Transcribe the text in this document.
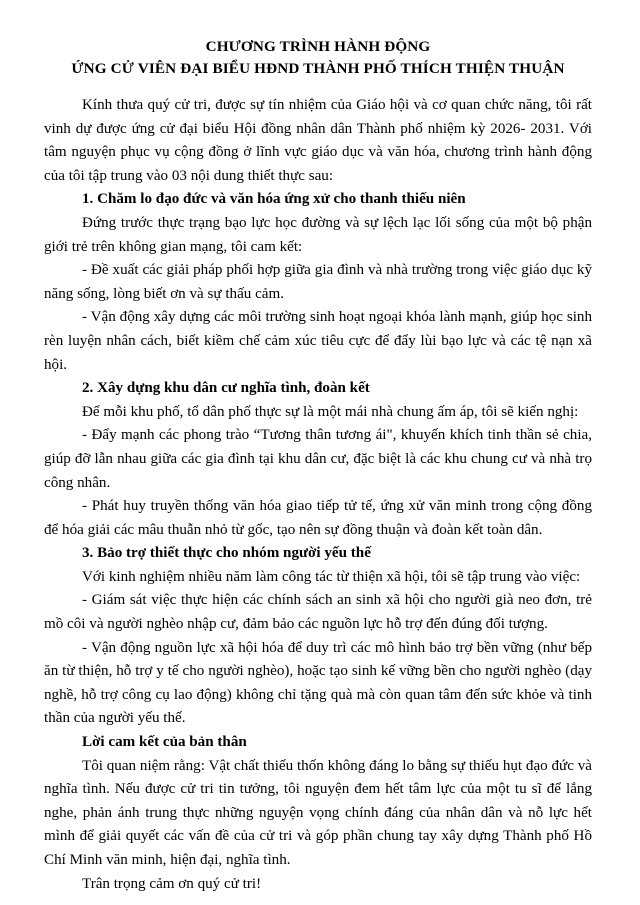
CHƯƠNG TRÌNH HÀNH ĐỘNG
ỨNG CỬ VIÊN ĐẠI BIỂU HĐND THÀNH PHỐ THÍCH THIỆN THUẬN

Kính thưa quý cử tri, được sự tín nhiệm của Giáo hội và cơ quan chức năng, tôi rất vinh dự được ứng cử đại biểu Hội đồng nhân dân Thành phố nhiệm kỳ 2026- 2031. Với tâm nguyện phục vụ cộng đồng ở lĩnh vực giáo dục và văn hóa, chương trình hành động của tôi tập trung vào 03 nội dung thiết thực sau:

1. Chăm lo đạo đức và văn hóa ứng xử cho thanh thiếu niên

Đứng trước thực trạng bạo lực học đường và sự lệch lạc lối sống của một bộ phận giới trẻ trên không gian mạng, tôi cam kết:

- Đề xuất các giải pháp phối hợp giữa gia đình và nhà trường trong việc giáo dục kỹ năng sống, lòng biết ơn và sự thấu cảm.

- Vận động xây dựng các môi trường sinh hoạt ngoại khóa lành mạnh, giúp học sinh rèn luyện nhân cách, biết kiềm chế cảm xúc tiêu cực để đẩy lùi bạo lực và các tệ nạn xã hội.

2. Xây dựng khu dân cư nghĩa tình, đoàn kết

Để mỗi khu phố, tổ dân phố thực sự là một mái nhà chung ấm áp, tôi sẽ kiến nghị:

- Đẩy mạnh các phong trào “Tương thân tương ái", khuyến khích tinh thần sẻ chia, giúp đỡ lẫn nhau giữa các gia đình tại khu dân cư, đặc biệt là các khu chung cư và nhà trọ công nhân.

- Phát huy truyền thống văn hóa giao tiếp tử tế, ứng xử văn minh trong cộng đồng để hóa giải các mâu thuẫn nhỏ từ gốc, tạo nên sự đồng thuận và đoàn kết toàn dân.

3. Bảo trợ thiết thực cho nhóm người yếu thế

Với kinh nghiệm nhiều năm làm công tác từ thiện xã hội, tôi sẽ tập trung vào việc:

- Giám sát việc thực hiện các chính sách an sinh xã hội cho người già neo đơn, trẻ mồ côi và người nghèo nhập cư, đảm bảo các nguồn lực hỗ trợ đến đúng đối tượng.

- Vận động nguồn lực xã hội hóa để duy trì các mô hình bảo trợ bền vững (như bếp ăn từ thiện, hỗ trợ y tế cho người nghèo), hoặc tạo sinh kế vững bền cho người nghèo (dạy nghề, hỗ trợ công cụ lao động) không chỉ tặng quà mà còn quan tâm đến sức khỏe và tinh thần của người yếu thế.

Lời cam kết của bản thân

Tôi quan niệm rằng: Vật chất thiếu thốn không đáng lo bằng sự thiếu hụt đạo đức và nghĩa tình. Nếu được cử tri tin tưởng, tôi nguyện đem hết tâm lực của một tu sĩ để lắng nghe, phản ánh trung thực những nguyện vọng chính đáng của nhân dân và nỗ lực hết mình để giải quyết các vấn đề của cử tri và góp phần chung tay xây dựng Thành phố Hồ Chí Minh văn minh, hiện đại, nghĩa tình.

Trân trọng cảm ơn quý cử tri!
